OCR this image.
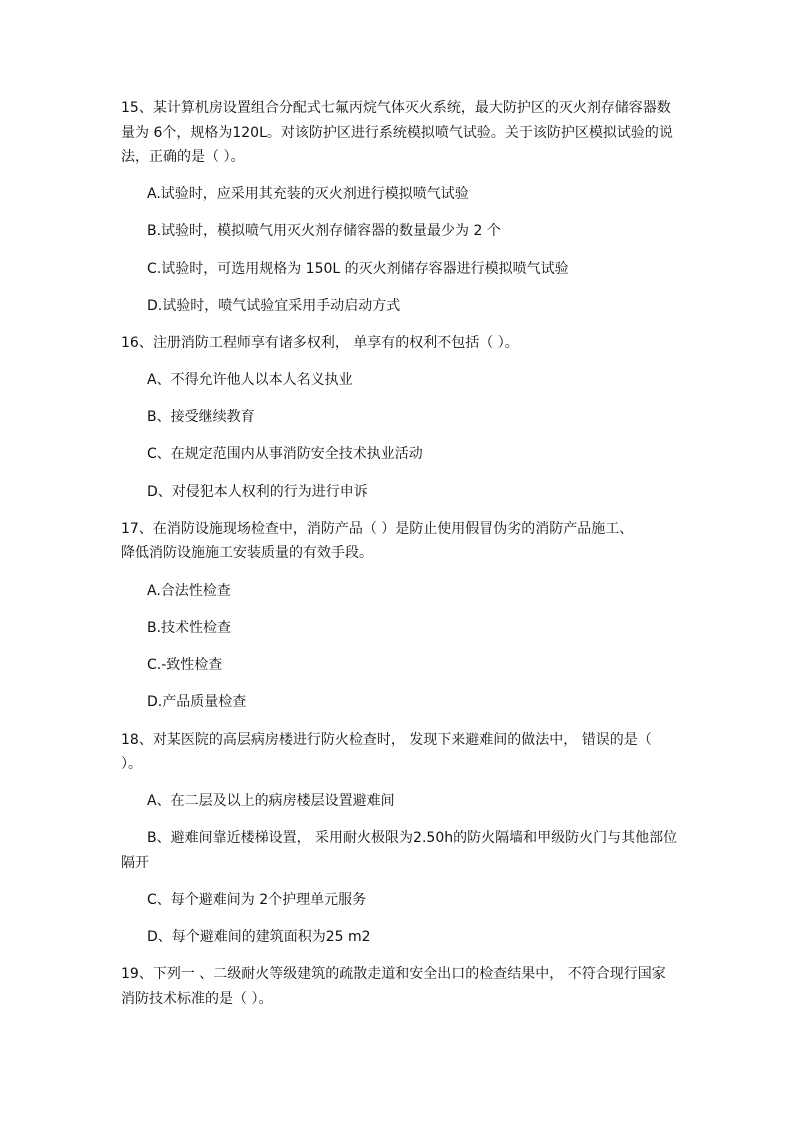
15、某计算机房设置组合分配式七氟丙烷气体灭火系统，最大防护区的灭火剂存储容器数
量为 6个，规格为120L。对该防护区进行系统模拟喷气试验。关于该防护区模拟试验的说
法，正确的是（ ）。
A.试验时，应采用其充装的灭火剂进行模拟喷气试验
B.试验时，模拟喷气用灭火剂存储容器的数量最少为 2 个
C.试验时，可选用规格为 150L 的灭火剂储存容器进行模拟喷气试验
D.试验时，喷气试验宜采用手动启动方式
16、注册消防工程师享有诸多权利， 单享有的权利不包括（ ）。
A、不得允许他人以本人名义执业
B、接受继续教育
C、在规定范围内从事消防安全技术执业活动
D、对侵犯本人权利的行为进行申诉
17、在消防设施现场检查中，消防产品（ ）是防止使用假冒伪劣的消防产品施工、
降低消防设施施工安装质量的有效手段。
A.合法性检查
B.技术性检查
C.-致性检查
D.产品质量检查
18、对某医院的高层病房楼进行防火检查时， 发现下来避难间的做法中， 错误的是（
）。
A、在二层及以上的病房楼层设置避难间
B、避难间靠近楼梯设置， 采用耐火极限为2.50h的防火隔墙和甲级防火门与其他部位
隔开
C、每个避难间为 2个护理单元服务
D、每个避难间的建筑面积为25 m2
19、下列一 、二级耐火等级建筑的疏散走道和安全出口的检查结果中， 不符合现行国家
消防技术标准的是（ ）。
